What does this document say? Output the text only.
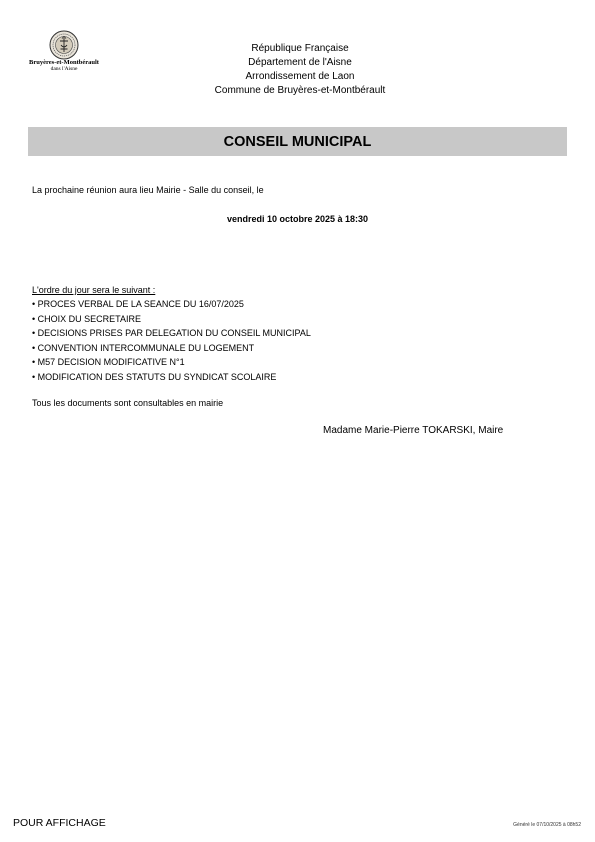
Bruyères-et-Montbérault
dans l'Aisne
République Française
Département de l'Aisne
Arrondissement de Laon
Commune de Bruyères-et-Montbérault
CONSEIL MUNICIPAL
La prochaine réunion aura lieu Mairie - Salle du conseil, le
vendredi 10 octobre 2025 à 18:30
L'ordre du jour sera le suivant :
• PROCES VERBAL DE LA SEANCE DU 16/07/2025
• CHOIX DU SECRETAIRE
• DECISIONS PRISES PAR DELEGATION DU CONSEIL MUNICIPAL
• CONVENTION INTERCOMMUNALE DU LOGEMENT
• M57 DECISION MODIFICATIVE N°1
• MODIFICATION DES STATUTS DU SYNDICAT SCOLAIRE
Tous les documents sont consultables en mairie
Madame Marie-Pierre TOKARSKI, Maire
POUR AFFICHAGE	Généré le 07/10/2025 à 08h52
